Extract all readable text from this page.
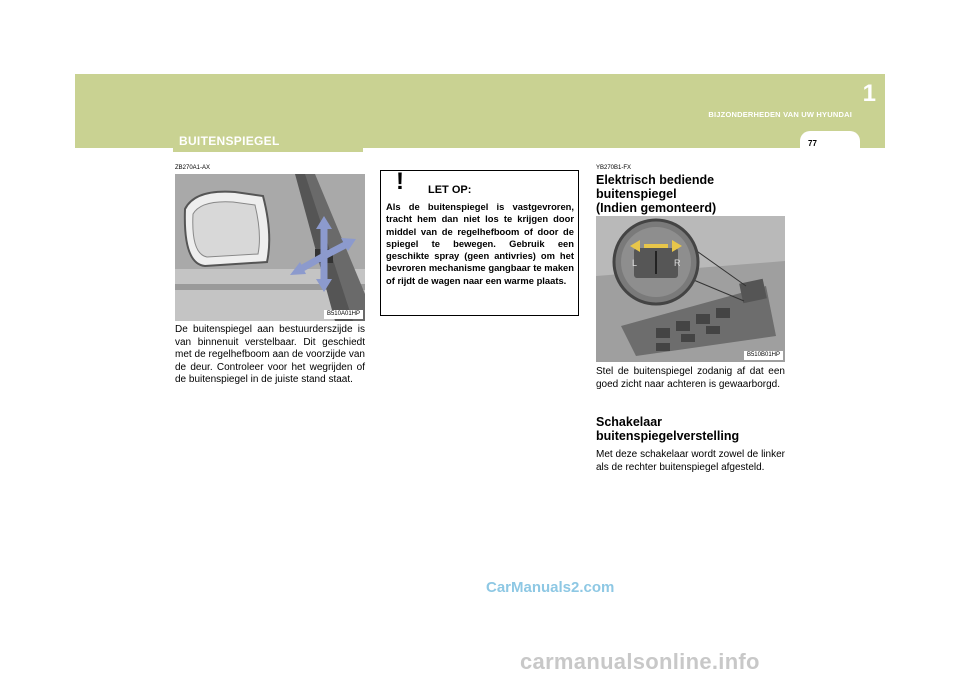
1
BIJZONDERHEDEN VAN UW HYUNDAI
77
BUITENSPIEGEL
ZB270A1-AX
B510A01HP
De buitenspiegel aan bestuurderszijde is van binnenuit verstelbaar. Dit geschiedt met de regelhefboom aan de voorzijde van de deur. Controleer voor het wegrijden of de buitenspiegel in de juiste stand staat.
! LET OP:
Als de buitenspiegel is vastgevroren, tracht hem dan niet los te krijgen door middel van de regelhefboom of door de spiegel te bewegen. Gebruik een geschikte spray (geen antivries) om het bevroren mechanisme gangbaar te maken of rijdt de wagen naar een warme plaats.
YB270B1-FX
Elektrisch bediende
buitenspiegel
(Indien gemonteerd)
L	R
B510B01HP
Stel de buitenspiegel zodanig af dat een goed zicht naar achteren is gewaarborgd.
Schakelaar
buitenspiegelverstelling
Met deze schakelaar wordt zowel de linker als de rechter buitenspiegel afgesteld.
CarManuals2.com
carmanualsonline.info
